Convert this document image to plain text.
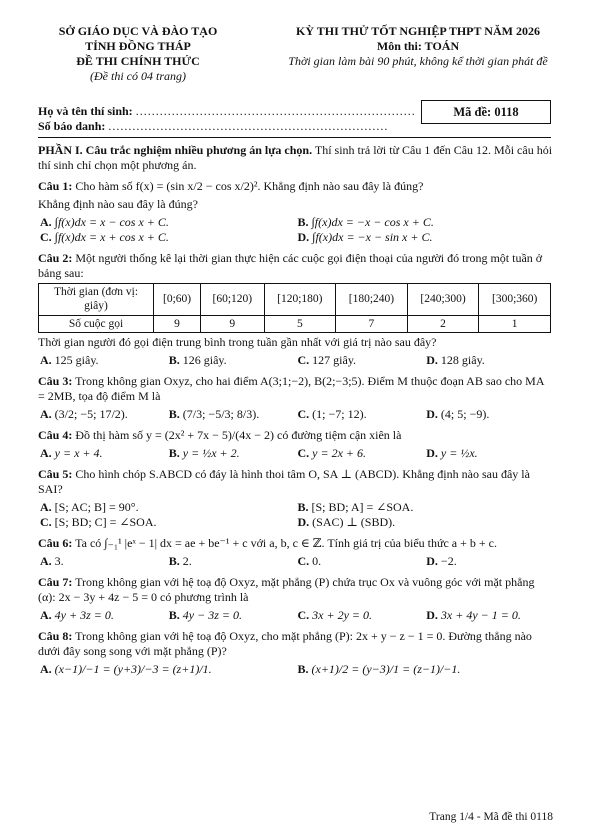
SỞ GIÁO DỤC VÀ ĐÀO TẠO
TỈNH ĐỒNG THÁP
ĐỀ THI CHÍNH THỨC
(Đề thi có 04 trang)
KỲ THI THỬ TỐT NGHIỆP THPT NĂM 2026
Môn thi: TOÁN
Thời gian làm bài 90 phút, không kể thời gian phát đề
Họ và tên thí sinh: ......................................................................
Số báo danh: ......................................................................
Mã đề: 0118

PHẦN I. Câu trắc nghiệm nhiều phương án lựa chọn. Thí sinh trả lời từ Câu 1 đến Câu 12. Mỗi câu hỏi thí sinh chỉ chọn một phương án.

Câu 1: Cho hàm số f(x) = (sin x/2 − cos x/2)². Khẳng định nào sau đây là đúng?

Khẳng định nào sau đây là đúng?

A. ∫f(x)dx = x − cos x + C.	B. ∫f(x)dx = −x − cos x + C.
C. ∫f(x)dx = x + cos x + C.	D. ∫f(x)dx = −x − sin x + C.

Câu 2: Một người thống kê lại thời gian thực hiện các cuộc gọi điện thoại của người đó trong một tuần ở bảng sau:

Thời gian (đơn vị: giây)	[0;60)	[60;120)	[120;180)	[180;240)	[240;300)	[300;360)
Số cuộc gọi	9	9	5	7	2	1

Thời gian người đó gọi điện trung bình trong tuần gần nhất với giá trị nào sau đây?

A. 125 giây.	B. 126 giây.	C. 127 giây.	D. 128 giây.

Câu 3: Trong không gian Oxyz, cho hai điểm A(3;1;−2), B(2;−3;5). Điểm M thuộc đoạn AB sao cho MA = 2MB, tọa độ điểm M là

A. (3/2; −5; 17/2).	B. (7/3; −5/3; 8/3).	C. (1; −7; 12).	D. (4; 5; −9).

Câu 4: Đồ thị hàm số y = (2x² + 7x − 5)/(4x − 2) có đường tiệm cận xiên là

A. y = x + 4.	B. y = ½x + 2.	C. y = 2x + 6.	D. y = ½x.

Câu 5: Cho hình chóp S.ABCD có đáy là hình thoi tâm O, SA ⊥ (ABCD). Khẳng định nào sau đây là SAI?

A. [S; AC; B] = 90°.	B. [S; BD; A] = ∠SOA.
C. [S; BD; C] = ∠SOA.	D. (SAC) ⊥ (SBD).

Câu 6: Ta có ∫₋₁¹ |eˣ − 1| dx = ae + be⁻¹ + c với a, b, c ∈ ℤ. Tính giá trị của biểu thức a + b + c.

A. 3.	B. 2.	C. 0.	D. −2.

Câu 7: Trong không gian với hệ toạ độ Oxyz, mặt phẳng (P) chứa trục Ox và vuông góc với mặt phẳng (α): 2x − 3y + 4z − 5 = 0 có phương trình là

A. 4y + 3z = 0.	B. 4y − 3z = 0.	C. 3x + 2y = 0.	D. 3x + 4y − 1 = 0.

Câu 8: Trong không gian với hệ toạ độ Oxyz, cho mặt phẳng (P): 2x + y − z − 1 = 0. Đường thẳng nào dưới đây song song với mặt phẳng (P)?

A. (x−1)/−1 = (y+3)/−3 = (z+1)/1.	B. (x+1)/2 = (y−3)/1 = (z−1)/−1.
Trang 1/4 - Mã đề thi 0118
